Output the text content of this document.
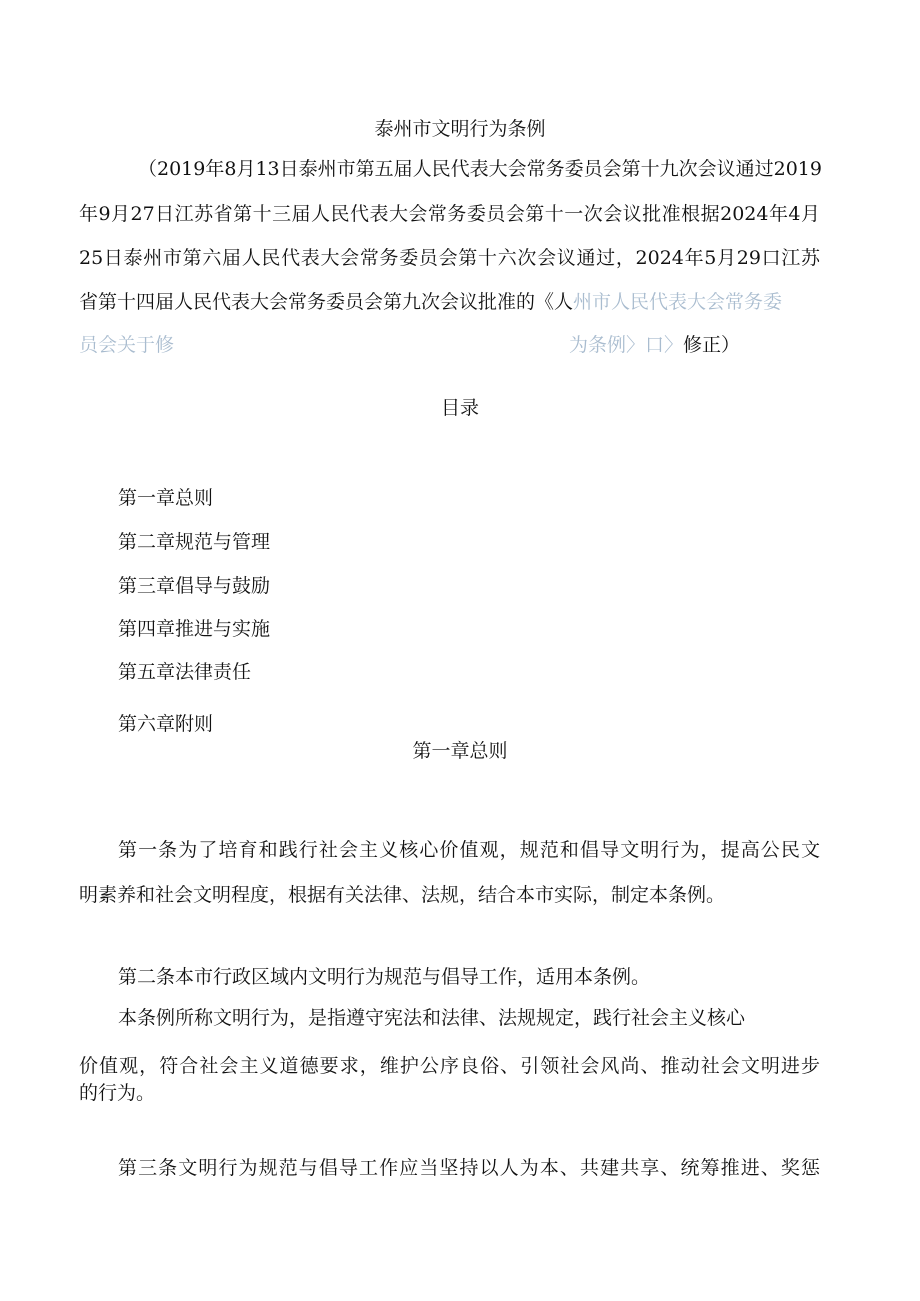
泰州市文明行为条例

（2019年8月13日泰州市第五届人民代表大会常务委员会第十九次会议通过2019

年9月27日江苏省第十三届人民代表大会常务委员会第十一次会议批准根据2024年4月

25日泰州市第六届人民代表大会常务委员会第十六次会议通过，2024年5月29口江苏

省第十四届人民代表大会常务委员会第九次会议批准的《人州市人民代表大会常务委

员会关于修	为条例〉口〉修正）

目录

第一章总则

第二章规范与管理

第三章倡导与鼓励

第四章推进与实施

第五章法律责任

第六章附则

第一章总则

第一条为了培育和践行社会主义核心价值观，规范和倡导文明行为，提高公民文

明素养和社会文明程度，根据有关法律、法规，结合本市实际，制定本条例。

第二条本市行政区域内文明行为规范与倡导工作，适用本条例。

本条例所称文明行为，是指遵守宪法和法律、法规规定，践行社会主义核心

价值观，符合社会主义道德要求，维护公序良俗、引领社会风尚、推动社会文明进步

的行为。

第三条文明行为规范与倡导工作应当坚持以人为本、共建共享、统筹推进、奖惩
